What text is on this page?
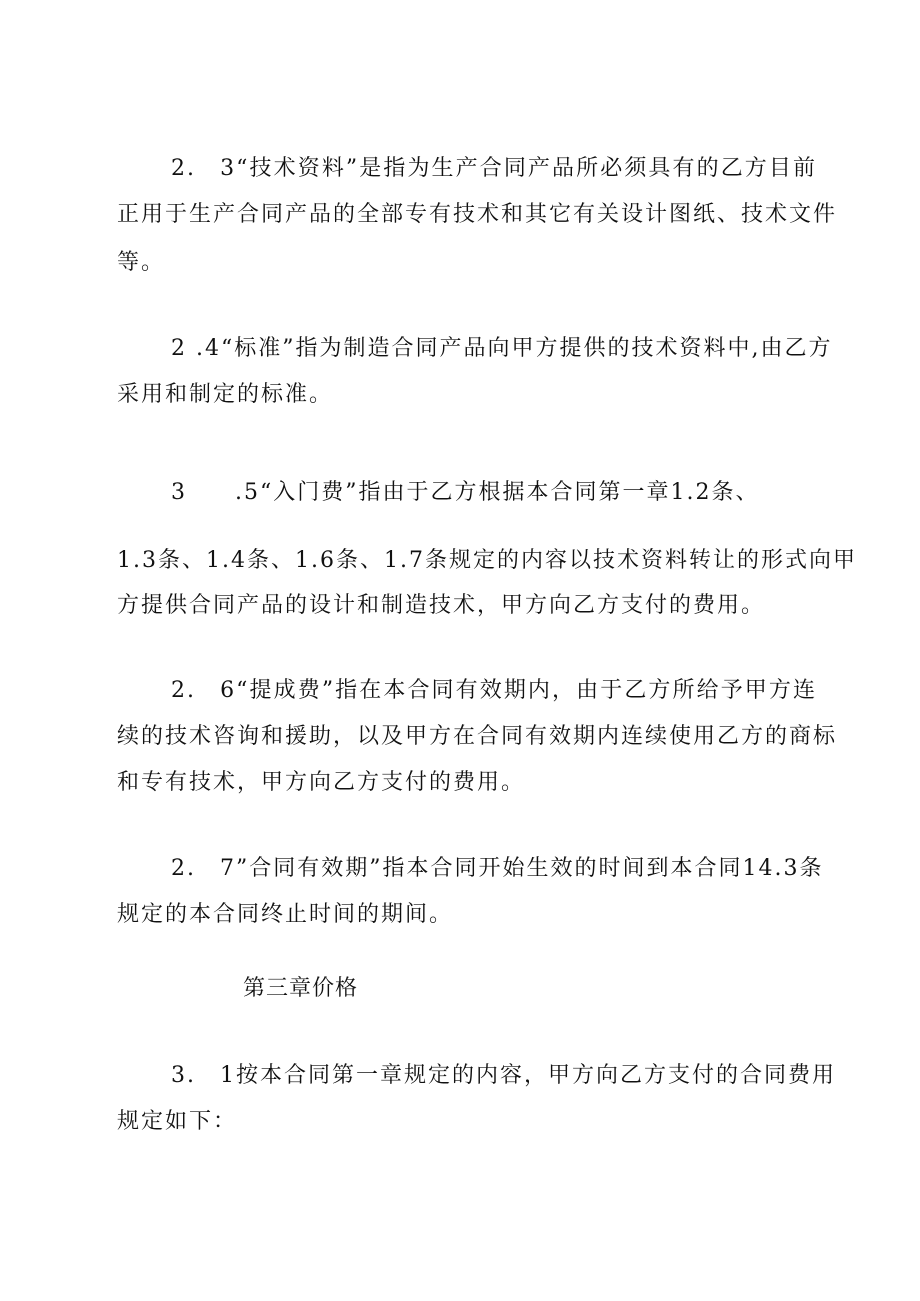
2.　3“技术资料”是指为生产合同产品所必须具有的乙方目前
正用于生产合同产品的全部专有技术和其它有关设计图纸、技术文件
等。
2 .4“标准”指为制造合同产品向甲方提供的技术资料中,由乙方
采用和制定的标准。
3　　.5“入门费”指由于乙方根据本合同第一章1.2条、
1.3条、1.4条、1.6条、1.7条规定的内容以技术资料转让的形式向甲
方提供合同产品的设计和制造技术，甲方向乙方支付的费用。
2.　6“提成费”指在本合同有效期内，由于乙方所给予甲方连
续的技术咨询和援助，以及甲方在合同有效期内连续使用乙方的商标
和专有技术，甲方向乙方支付的费用。
2.　7”合同有效期”指本合同开始生效的时间到本合同14.3条
规定的本合同终止时间的期间。
第三章价格
3.　1按本合同第一章规定的内容，甲方向乙方支付的合同费用
规定如下：
